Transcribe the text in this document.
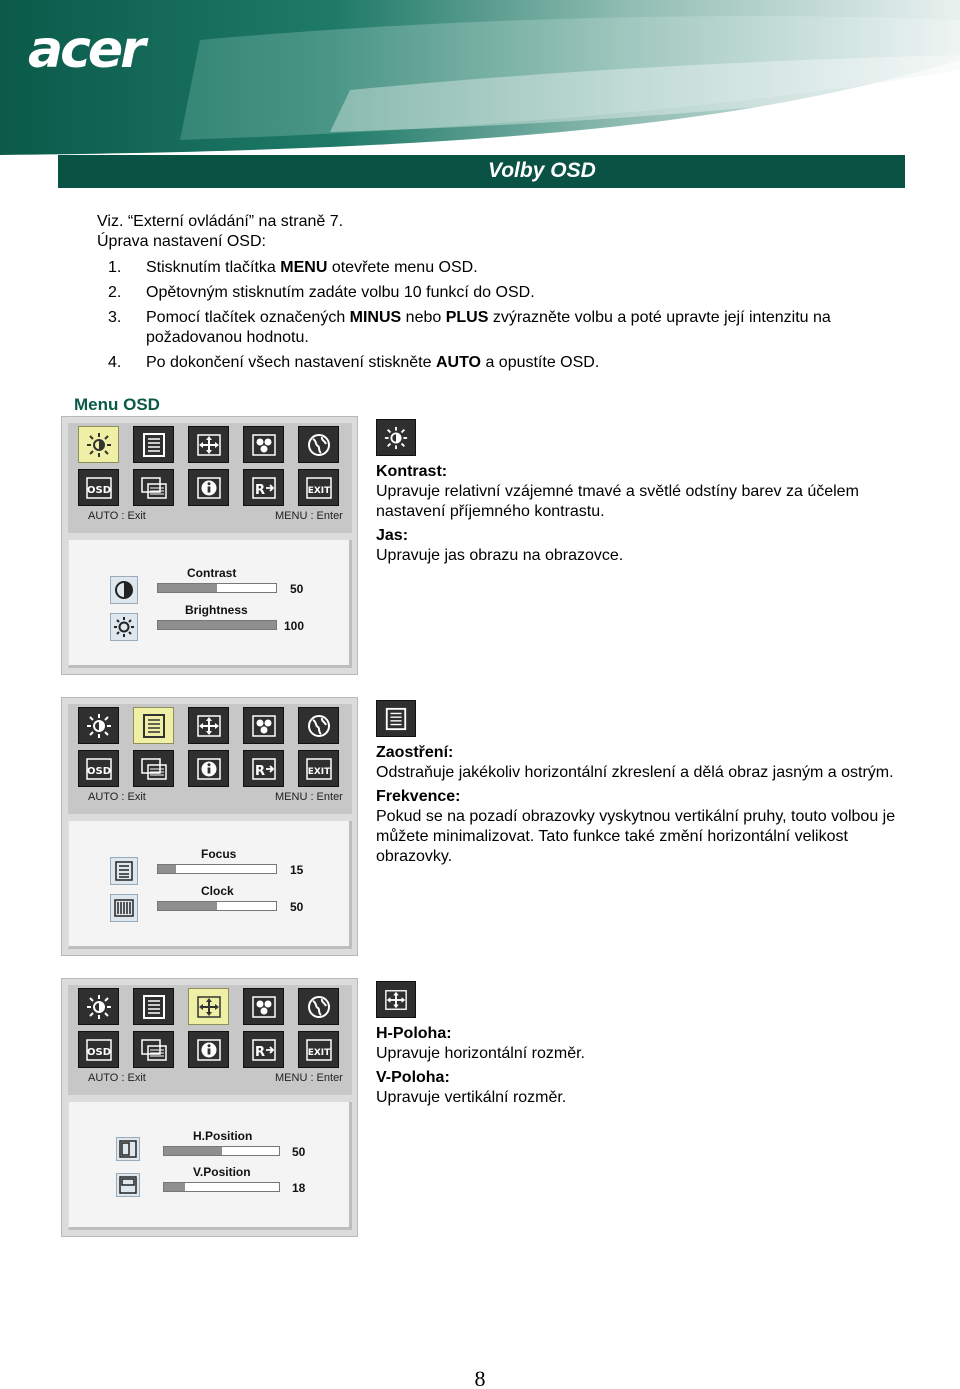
acer
Volby OSD

Viz. “Externí ovládání” na straně 7.

Úprava nastavení OSD:

1.	Stisknutím tlačítka MENU otevřete menu OSD.
2.	Opětovným stisknutím zadáte volbu 10 funkcí do OSD.
3.	Pomocí tlačítek označených MINUS nebo PLUS zvýrazněte volbu a poté upravte její intenzitu na požadovanou hodnotu.
4.	Po dokončení všech nastavení stiskněte AUTO a opustíte OSD.
Menu OSD
OSD	R	EXIT
AUTO : Exit	MENU : Enter
Contrast
50
Brightness
100
Kontrast:

Upravuje relativní vzájemné tmavé a světlé odstíny barev za účelem nastavení příjemného kontrastu.

Jas:

Upravuje jas obrazu na obrazovce.

OSD	R	EXIT
AUTO : Exit	MENU : Enter
Focus
15
Clock
50
Zaostření:

Odstraňuje jakékoliv horizontální zkreslení a dělá obraz jasným a ostrým.

Frekvence:

Pokud se na pozadí obrazovky vyskytnou vertikální pruhy, touto volbou je můžete minimalizovat. Tato funkce také změní horizontální velikost obrazovky.

OSD	R	EXIT
AUTO : Exit	MENU : Enter
H.Position
50
V.Position
18
H-Poloha:

Upravuje horizontální rozměr.

V-Poloha:

Upravuje vertikální rozměr.

8
